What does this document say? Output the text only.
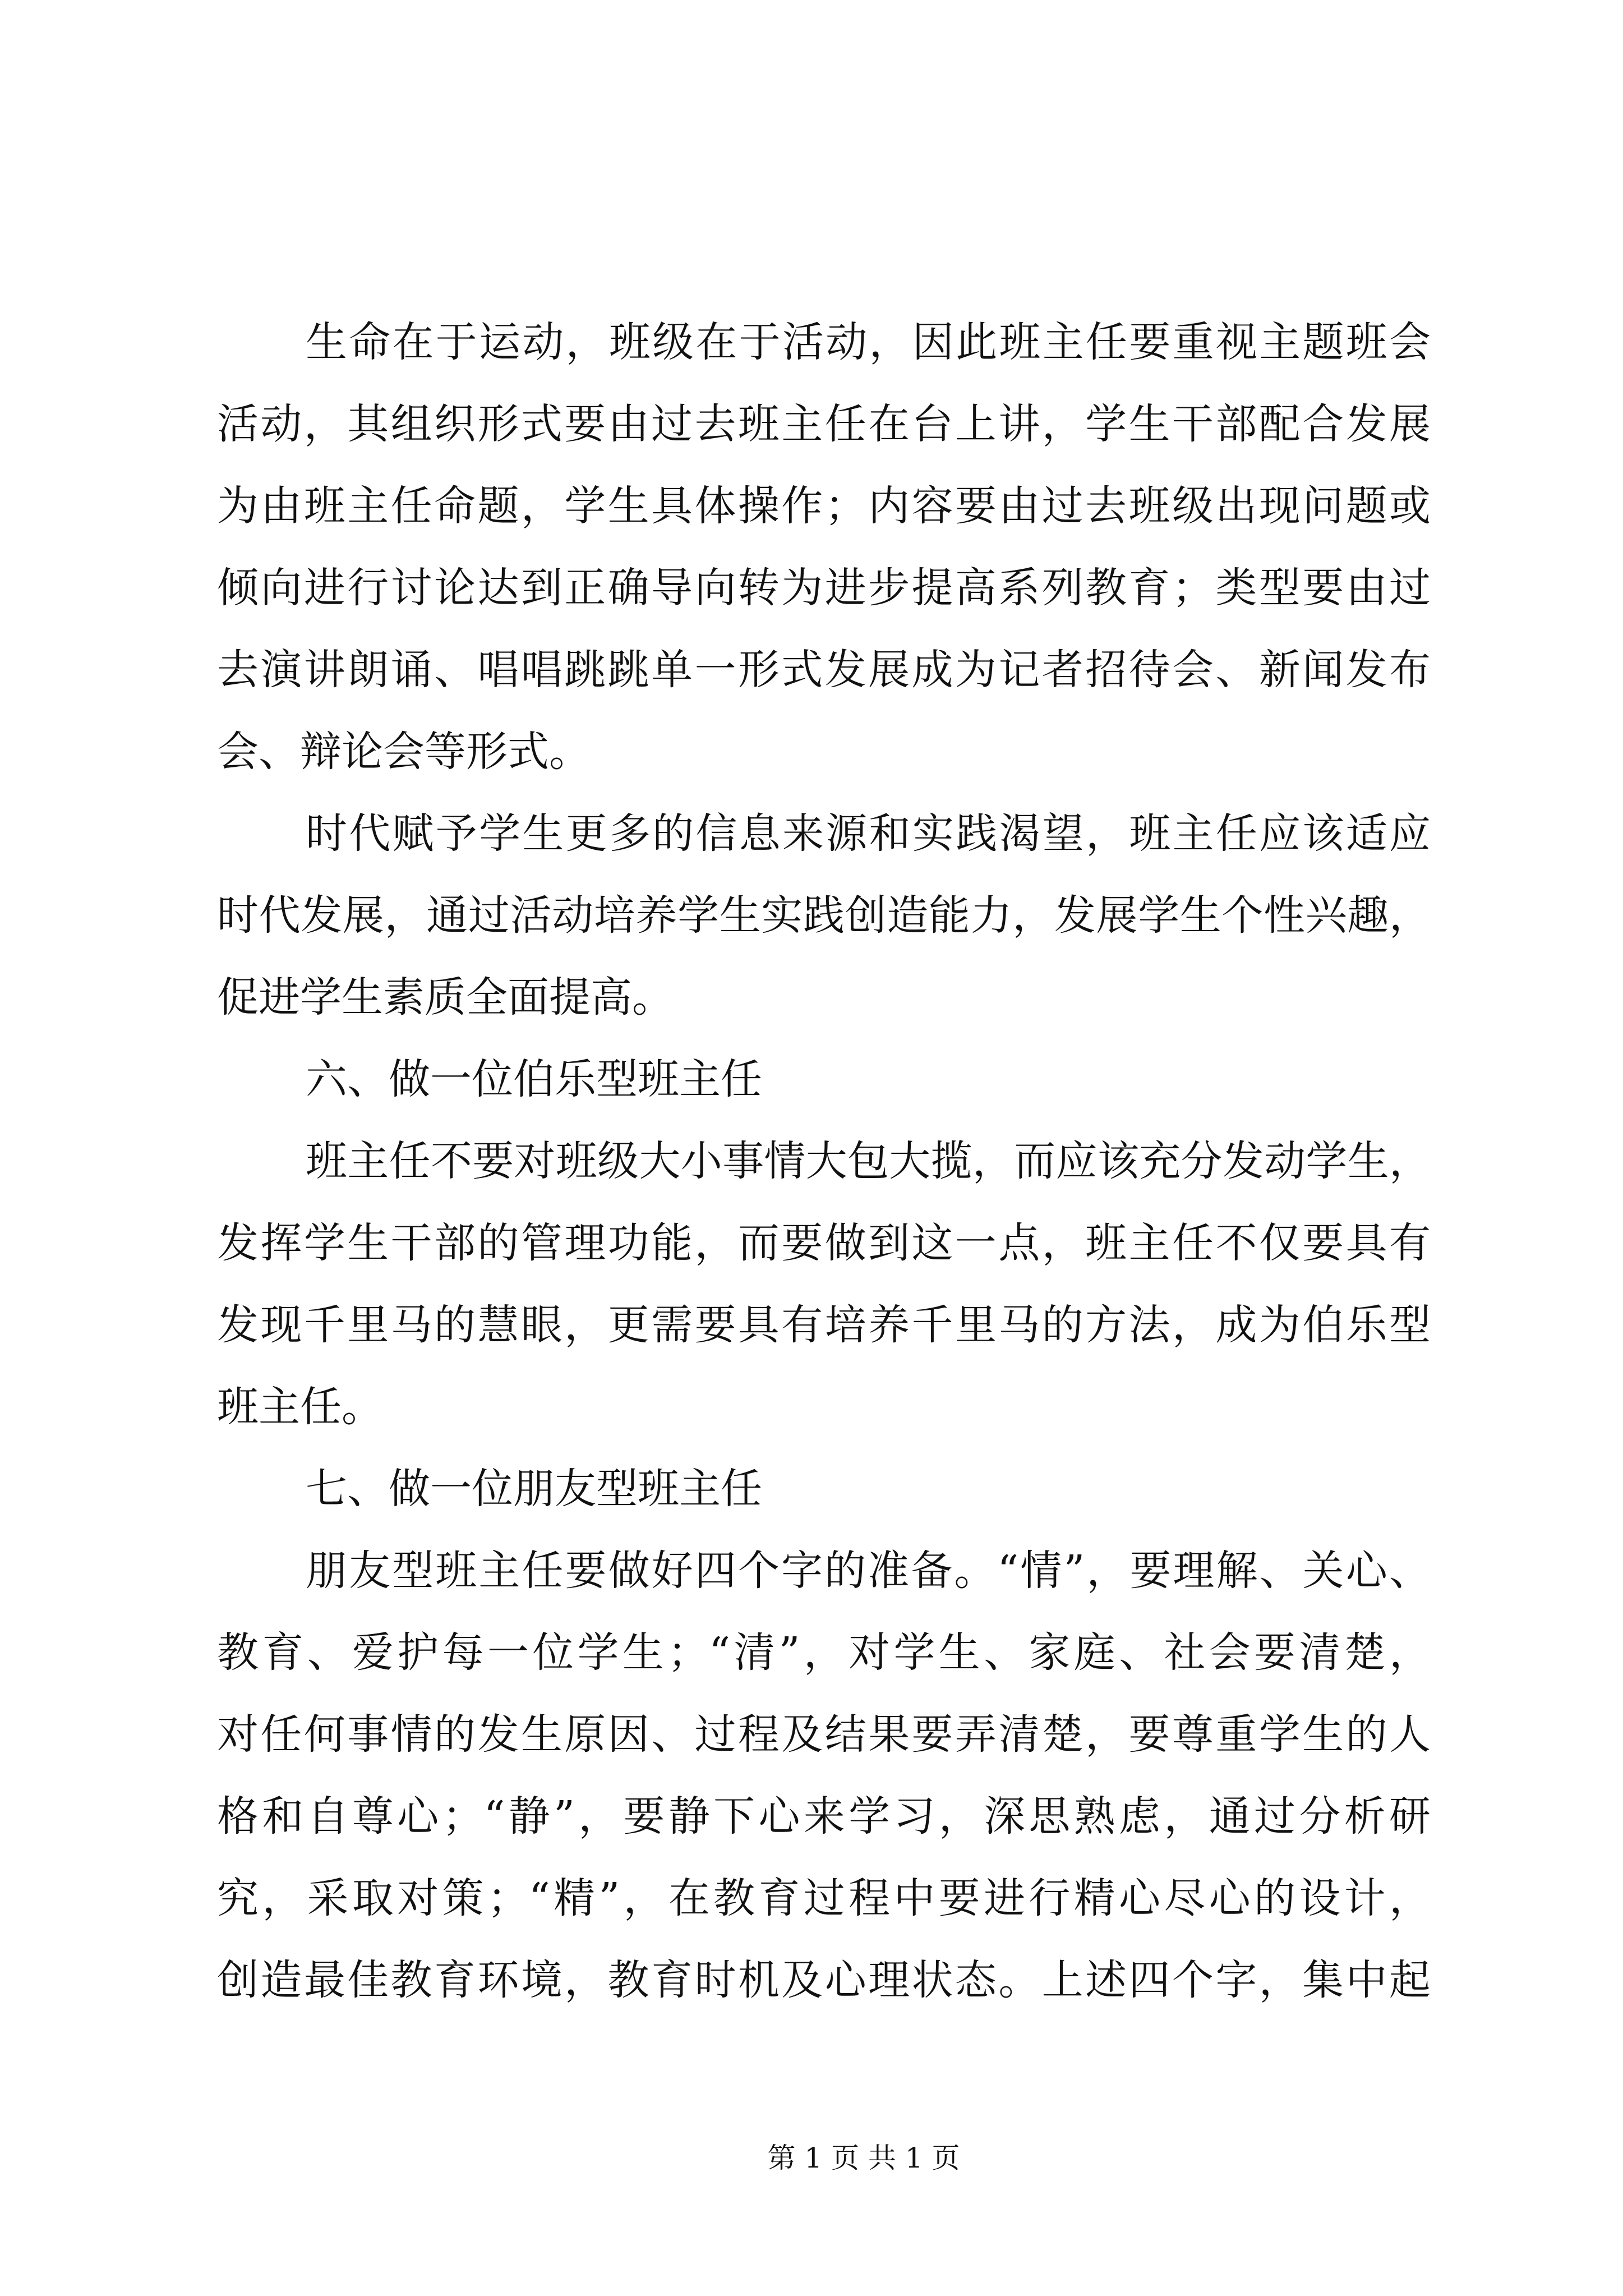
生命在于运动，班级在于活动，因此班主任要重视主题班会
活动，其组织形式要由过去班主任在台上讲，学生干部配合发展
为由班主任命题，学生具体操作；内容要由过去班级出现问题或
倾向进行讨论达到正确导向转为进步提高系列教育；类型要由过
去演讲朗诵、唱唱跳跳单一形式发展成为记者招待会、新闻发布
会、辩论会等形式。
时代赋予学生更多的信息来源和实践渴望，班主任应该适应
时代发展，通过活动培养学生实践创造能力，发展学生个性兴趣，
促进学生素质全面提高。
六、做一位伯乐型班主任
班主任不要对班级大小事情大包大揽，而应该充分发动学生，
发挥学生干部的管理功能，而要做到这一点，班主任不仅要具有
发现千里马的慧眼，更需要具有培养千里马的方法，成为伯乐型
班主任。
七、做一位朋友型班主任
朋友型班主任要做好四个字的准备。“情”，要理解、关心、
教育、爱护每一位学生；“清”，对学生、家庭、社会要清楚，
对任何事情的发生原因、过程及结果要弄清楚，要尊重学生的人
格和自尊心；“静”，要静下心来学习，深思熟虑，通过分析研
究，采取对策；“精”，在教育过程中要进行精心尽心的设计，
创造最佳教育环境，教育时机及心理状态。上述四个字，集中起
第 1 页 共 1 页
